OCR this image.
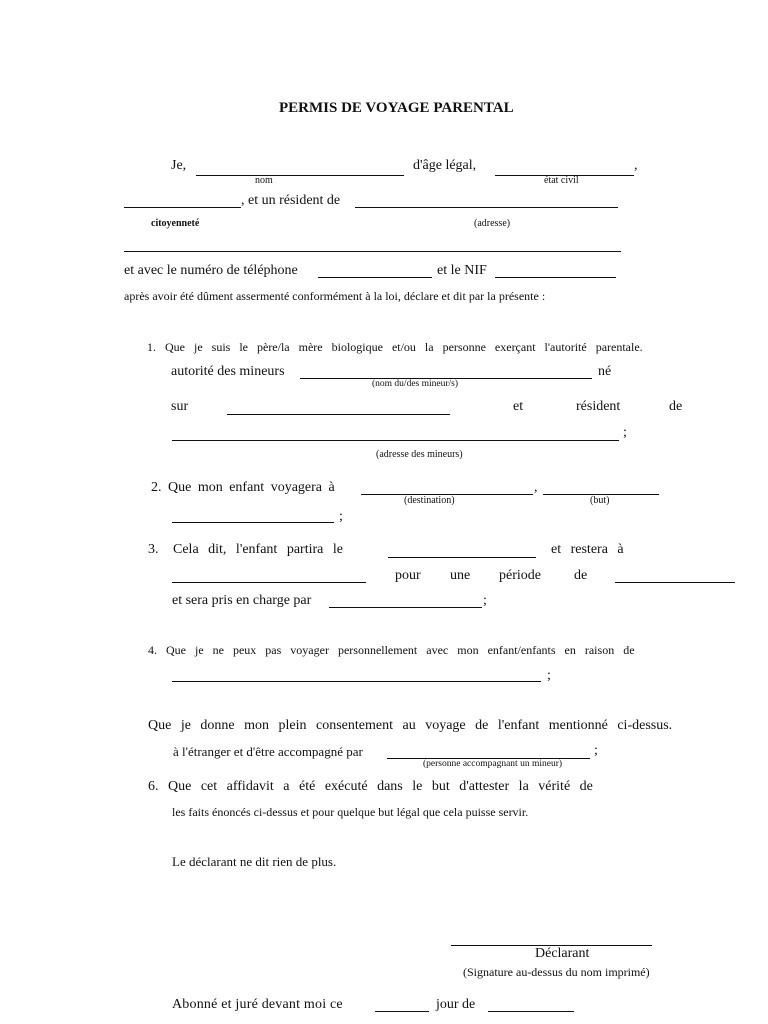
PERMIS DE VOYAGE PARENTAL
Je,	d'âge légal,	,
nom	état civil
, et un résident de
citoyenneté	(adresse)
et avec le numéro de téléphone	et le NIF
après avoir été dûment assermenté conformément à la loi, déclare et dit par la présente :
1. Que je suis le père/la mère biologique et/ou la personne exerçant l'autorité parentale.
autorité des mineurs	né
(nom du/des mineur/s)
sur	et	résident	de
;
(adresse des mineurs)
2. Que mon enfant voyagera à	,
(destination)	(but)
;
3. Cela dit, l'enfant partira le	et restera à
pour une période de
et sera pris en charge par	;
4. Que je ne peux pas voyager personnellement avec mon enfant/enfants en raison de
;
Que je donne mon plein consentement au voyage de l'enfant mentionné ci-dessus.
à l'étranger et d'être accompagné par	;
(personne accompagnant un mineur)
6. Que cet affidavit a été exécuté dans le but d'attester la vérité de
les faits énoncés ci-dessus et pour quelque but légal que cela puisse servir.
Le déclarant ne dit rien de plus.
Déclarant
(Signature au-dessus du nom imprimé)
Abonné et juré devant moi ce	jour de
